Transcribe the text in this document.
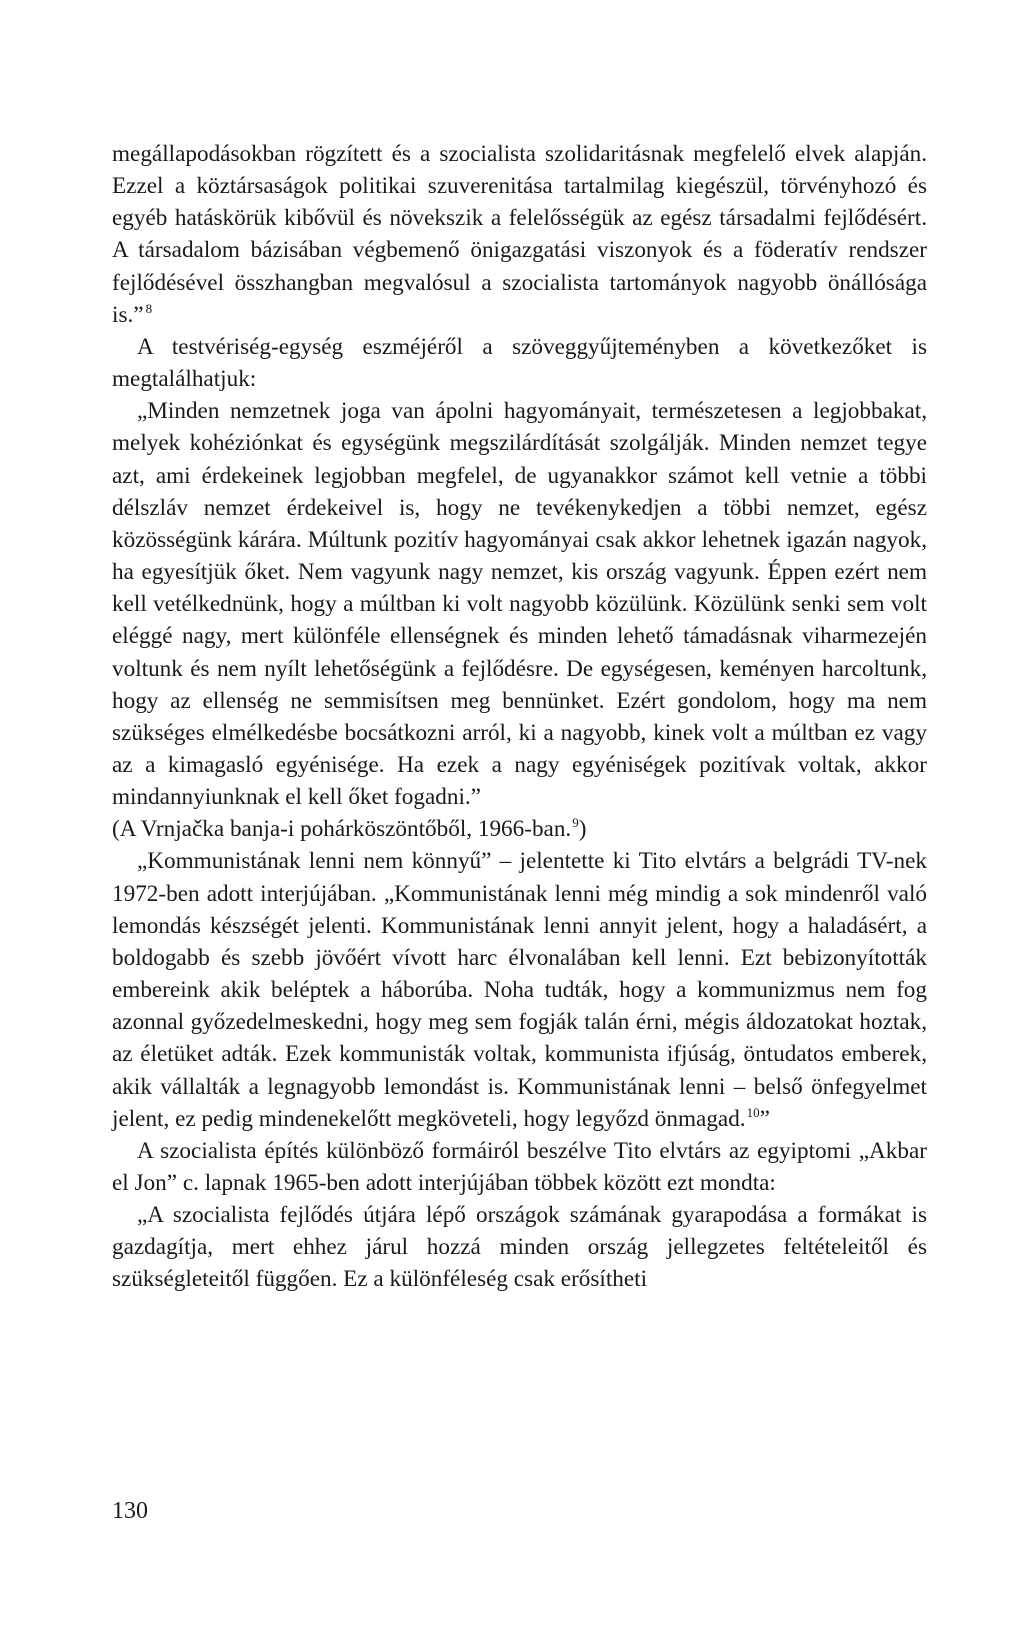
megállapodásokban rögzített és a szocialista szolidaritásnak megfelelő elvek alapján. Ezzel a köztársaságok politikai szuverenitása tartalmilag kiegészül, törvényhozó és egyéb hatáskörük kibővül és növekszik a felelősségük az egész társadalmi fejlődésért. A társadalom bázisában végbemenő önigazgatási viszonyok és a föderatív rendszer fejlődésével összhangban megvalósul a szocialista tartományok nagyobb önállósága is.” $^8$

A testvériség-egység eszméjéről a szöveggyűjteményben a következőket is megtalálhatjuk:

„Minden nemzetnek joga van ápolni hagyományait, természetesen a legjobbakat, melyek kohéziónkat és egységünk megszilárdítását szolgálják. Minden nemzet tegye azt, ami érdekeinek legjobban megfelel, de ugyanakkor számot kell vetnie a többi délszláv nemzet érdekeivel is, hogy ne tevékenykedjen a többi nemzet, egész közösségünk kárára. Múltunk pozitív hagyományai csak akkor lehetnek igazán nagyok, ha egyesítjük őket. Nem vagyunk nagy nemzet, kis ország vagyunk. Éppen ezért nem kell vetélkednünk, hogy a múltban ki volt nagyobb közülünk. Közülünk senki sem volt eléggé nagy, mert különféle ellenségnek és minden lehető támadásnak viharmezején voltunk és nem nyílt lehetőségünk a fejlődésre. De egységesen, keményen harcoltunk, hogy az ellenség ne semmisítsen meg bennünket. Ezért gondolom, hogy ma nem szükséges elmélkedésbe bocsátkozni arról, ki a nagyobb, kinek volt a múltban ez vagy az a kimagasló egyénisége. Ha ezek a nagy egyéniségek pozitívak voltak, akkor mindannyiunknak el kell őket fogadni.”

(A Vrnjačka banja-i pohárköszöntőből, 1966-ban.$^9$)

„Kommunistának lenni nem könnyű” – jelentette ki Tito elvtárs a belgrádi TV-nek 1972-ben adott interjújában. „Kommunistának lenni még mindig a sok mindenről való lemondás készségét jelenti. Kommunistának lenni annyit jelent, hogy a haladásért, a boldogabb és szebb jövőért vívott harc élvonalában kell lenni. Ezt bebizonyították embereink akik beléptek a háborúba. Noha tudták, hogy a kommunizmus nem fog azonnal győzedelmeskedni, hogy meg sem fogják talán érni, mégis áldozatokat hoztak, az életüket adták. Ezek kommunisták voltak, kommunista ifjúság, öntudatos emberek, akik vállalták a legnagyobb lemondást is. Kommunistának lenni – belső önfegyelmet jelent, ez pedig mindenekelőtt megköveteli, hogy legyőzd önmagad.$^{10}$”

A szocialista építés különböző formáiról beszélve Tito elvtárs az egyiptomi „Akbar el Jon” c. lapnak 1965-ben adott interjújában többek között ezt mondta:

„A szocialista fejlődés útjára lépő országok számának gyarapodása a formákat is gazdagítja, mert ehhez járul hozzá minden ország jellegzetes feltételeitől és szükségleteitől függően. Ez a különféleség csak erősítheti

130
